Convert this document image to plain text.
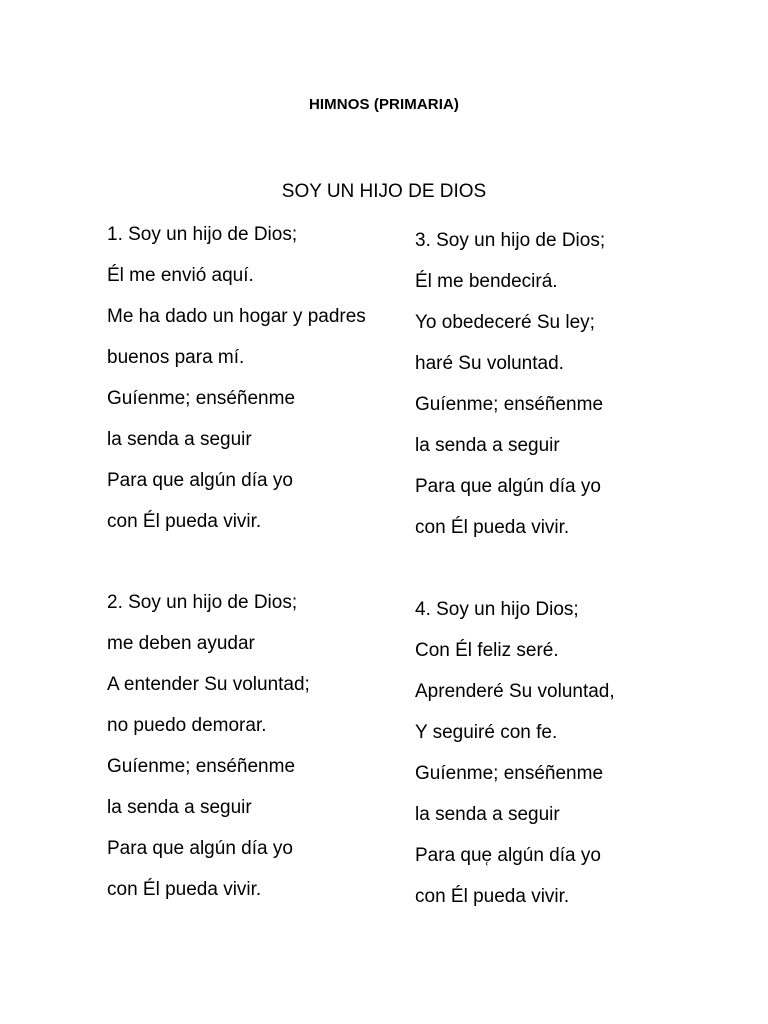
HIMNOS (PRIMARIA)
SOY UN HIJO DE DIOS
1. Soy un hijo de Dios;
Él me envió aquí.
Me ha dado un hogar y padres
buenos para mí.
Guíenme; enséñenme
la senda a seguir
Para que algún día yo
con Él pueda vivir.
2. Soy un hijo de Dios;
me deben ayudar
A entender Su voluntad;
no puedo demorar.
Guíenme; enséñenme
la senda a seguir
Para que algún día yo
con Él pueda vivir.
3. Soy un hijo de Dios;
Él me bendecirá.
Yo obedeceré Su ley;
haré Su voluntad.
Guíenme; enséñenme
la senda a seguir
Para que algún día yo
con Él pueda vivir.
4. Soy un hijo Dios;
Con Él feliz seré.
Aprenderé Su voluntad,
Y seguiré con fe.
Guíenme; enséñenme
la senda a seguir
Para que̜ algún día yo
con Él pueda vivir.
